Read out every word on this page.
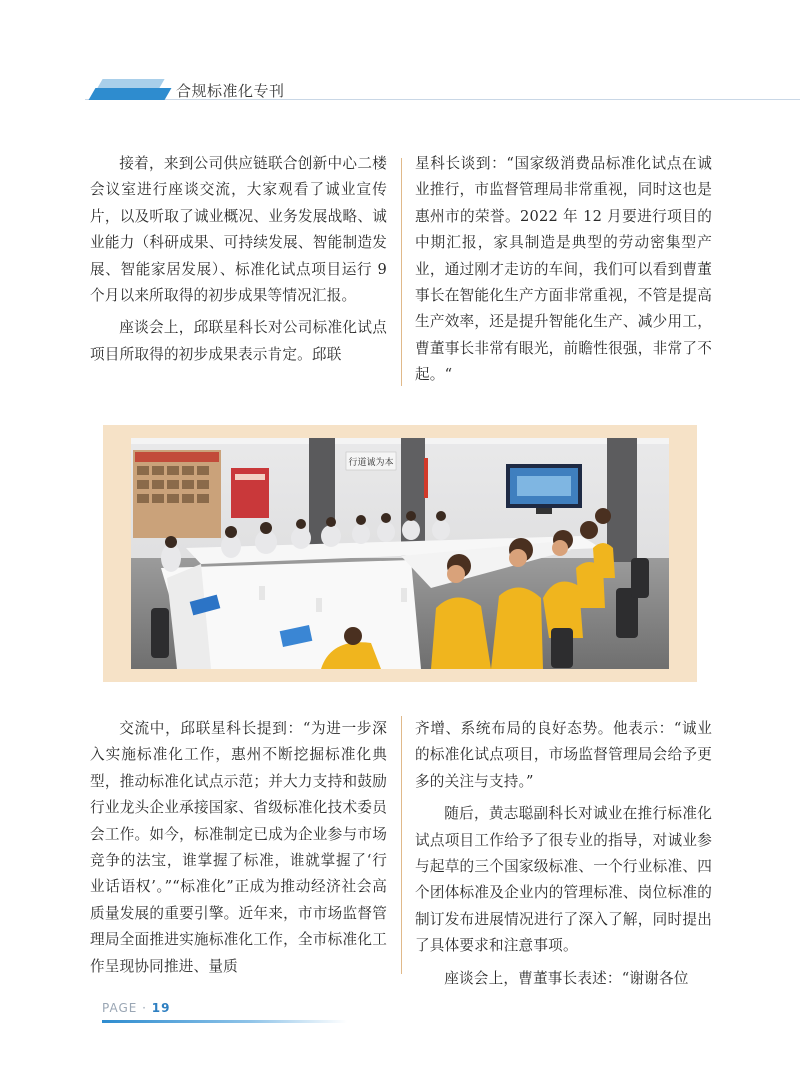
合规标准化专刊

接着，来到公司供应链联合创新中心二楼会议室进行座谈交流，大家观看了诚业宣传片，以及听取了诚业概况、业务发展战略、诚业能力（科研成果、可持续发展、智能制造发展、智能家居发展）、标准化试点项目运行 9 个月以来所取得的初步成果等情况汇报。

座谈会上，邱联星科长对公司标准化试点项目所取得的初步成果表示肯定。邱联

星科长谈到：“国家级消费品标准化试点在诚业推行，市监督管理局非常重视，同时这也是惠州市的荣誉。2022 年 12 月要进行项目的中期汇报，家具制造是典型的劳动密集型产业，通过刚才走访的车间，我们可以看到曹董事长在智能化生产方面非常重视，不管是提高生产效率，还是提升智能化生产、减少用工，曹董事长非常有眼光，前瞻性很强，非常了不起。“

行道诚为本

交流中，邱联星科长提到：“为进一步深入实施标准化工作，惠州不断挖掘标准化典型，推动标准化试点示范；并大力支持和鼓励行业龙头企业承接国家、省级标准化技术委员会工作。如今，标准制定已成为企业参与市场竞争的法宝，谁掌握了标准，谁就掌握了‘行业话语权’。”“标准化”正成为推动经济社会高质量发展的重要引擎。近年来，市市场监督管理局全面推进实施标准化工作，全市标准化工作呈现协同推进、量质

齐增、系统布局的良好态势。他表示：“诚业的标准化试点项目，市场监督管理局会给予更多的关注与支持。”

随后，黄志聪副科长对诚业在推行标准化试点项目工作给予了很专业的指导，对诚业参与起草的三个国家级标准、一个行业标准、四个团体标准及企业内的管理标准、岗位标准的制订发布进展情况进行了深入了解，同时提出了具体要求和注意事项。

座谈会上，曹董事长表述：“谢谢各位

PAGE · 19
